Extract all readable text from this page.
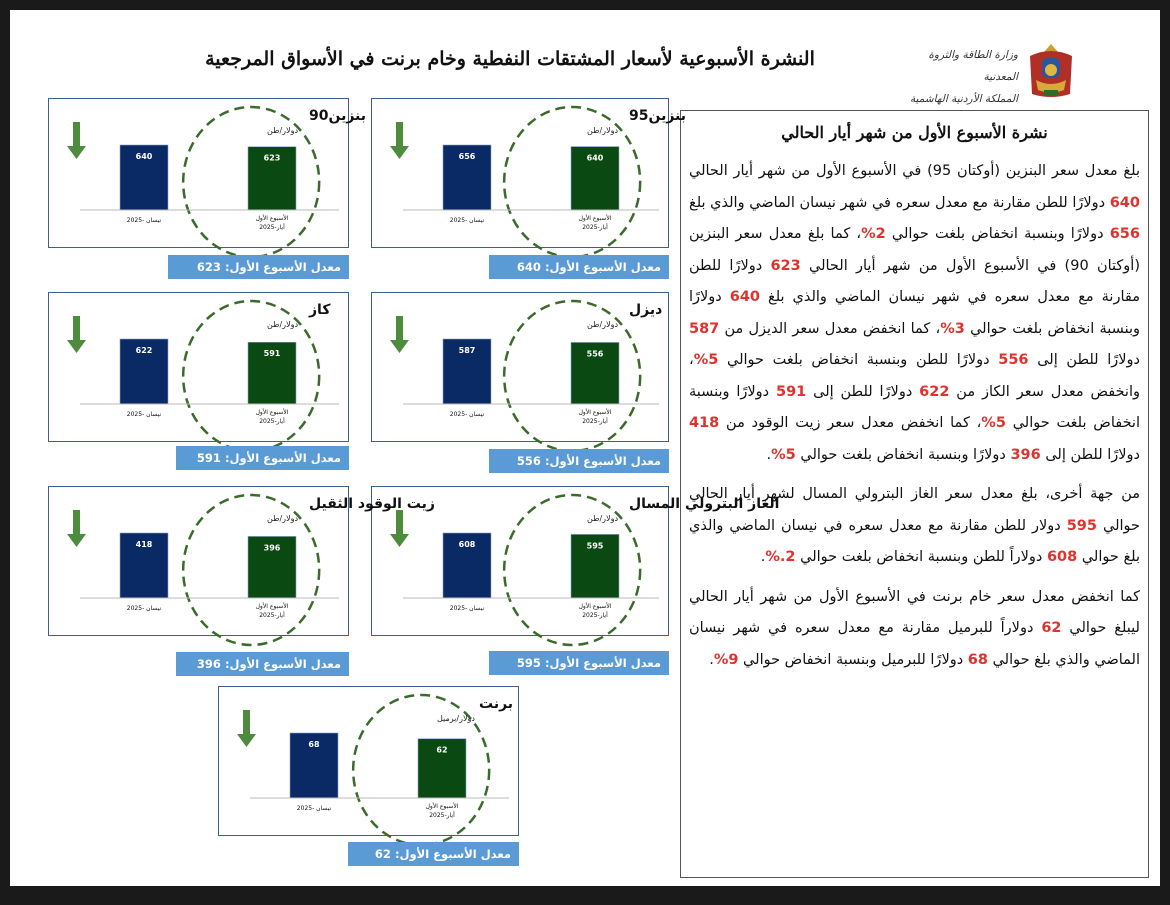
النشرة الأسبوعية لأسعار المشتقات النفطية وخام برنت في الأسواق المرجعية	وزارة الطاقة والثروة المعدنية
المملكة الأردنية الهاشمية
نشرة الأسبوع الأول من شهر أيار الحالي

بلغ معدل سعر البنزين (أوكتان 95) في الأسبوع الأول من شهر أيار الحالي 640 دولارًا للطن مقارنة مع معدل سعره في شهر نيسان الماضي والذي بلغ 656 دولارًا وبنسبة انخفاض بلغت حوالي 2%، كما بلغ معدل سعر البنزين (أوكتان 90) في الأسبوع الأول من شهر أيار الحالي 623 دولارًا للطن مقارنة مع معدل سعره في شهر نيسان الماضي والذي بلغ 640 دولارًا وبنسبة انخفاض بلغت حوالي 3%، كما انخفض معدل سعر الديزل من 587 دولارًا للطن إلى 556 دولارًا للطن وبنسبة انخفاض بلغت حوالي 5%، وانخفض معدل سعر الكاز من 622 دولارًا للطن إلى 591 دولارًا وبنسبة انخفاض بلغت حوالي 5%، كما انخفض معدل سعر زيت الوقود من 418 دولارًا للطن إلى 396 دولارًا وبنسبة انخفاض بلغت حوالي 5%.

من جهة أخرى، بلغ معدل سعر الغاز البترولي المسال لشهر أيار الحالي حوالي 595 دولار للطن مقارنة مع معدل سعره في نيسان الماضي والذي بلغ حوالي 608 دولاراً للطن وبنسبة انخفاض بلغت حوالي 2.%.

كما انخفض معدل سعر خام برنت في الأسبوع الأول من شهر أيار الحالي ليبلغ حوالي 62 دولاراً للبرميل مقارنة مع معدل سعره في شهر نيسان الماضي والذي بلغ حوالي 68 دولارًا للبرميل وبنسبة انخفاض حوالي 9%.

بنزين95
دولار/طن
656	640
نيسان -2025	الأسبوع الأول
أيار-2025
معدل الأسبوع الأول: 640
بنزين90
دولار/طن
640	623
نيسان -2025	الأسبوع الأول
أيار-2025
معدل الأسبوع الأول: 623
ديزل
دولار/طن
587	556
نيسان -2025	الأسبوع الأول
أيار-2025
معدل الأسبوع الأول: 556
كاز
دولار/طن
622	591
نيسان -2025	الأسبوع الأول
أيار-2025
معدل الأسبوع الأول: 591
الغاز البترولي المسال
دولار/طن
608	595
نيسان -2025	الأسبوع الأول
أيار-2025
معدل الأسبوع الأول: 595
زيت الوقود الثقيل
دولار/طن
418	396
نيسان -2025	الأسبوع الأول
أيار-2025
معدل الأسبوع الأول: 396
برنت
دولار/برميل
68
62
نيسان -2025	الأسبوع الأول
أيار-2025
معدل الأسبوع الأول: 62
